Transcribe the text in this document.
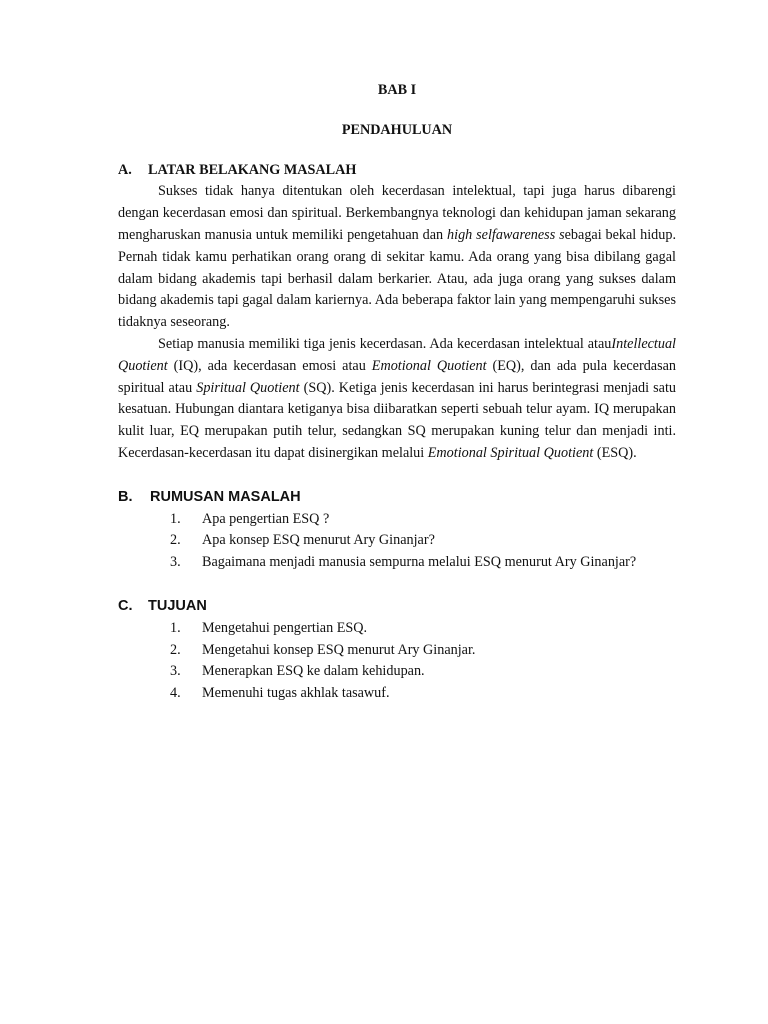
BAB I

PENDAHULUAN

A.	LATAR BELAKANG MASALAH

Sukses tidak hanya ditentukan oleh kecerdasan intelektual, tapi juga harus dibarengi dengan kecerdasan emosi dan spiritual. Berkembangnya teknologi dan kehidupan jaman sekarang mengharuskan manusia untuk memiliki pengetahuan dan high selfawareness sebagai bekal hidup. Pernah tidak kamu perhatikan orang orang di sekitar kamu. Ada orang yang bisa dibilang gagal dalam bidang akademis tapi berhasil dalam berkarier. Atau, ada juga orang yang sukses dalam bidang akademis tapi gagal dalam kariernya. Ada beberapa faktor lain yang mempengaruhi sukses tidaknya seseorang.

Setiap manusia memiliki tiga jenis kecerdasan. Ada kecerdasan intelektual atauIntellectual Quotient (IQ), ada kecerdasan emosi atau Emotional Quotient (EQ), dan ada pula kecerdasan spiritual atau Spiritual Quotient (SQ). Ketiga jenis kecerdasan ini harus berintegrasi menjadi satu kesatuan. Hubungan diantara ketiganya bisa diibaratkan seperti sebuah telur ayam. IQ merupakan kulit luar, EQ merupakan putih telur, sedangkan SQ merupakan kuning telur dan menjadi inti. Kecerdasan-kecerdasan itu dapat disinergikan melalui Emotional Spiritual Quotient (ESQ).

B.	RUMUSAN MASALAH
1.	Apa pengertian ESQ ?
2.	Apa konsep ESQ menurut Ary Ginanjar?
3.	Bagaimana menjadi manusia sempurna melalui ESQ menurut Ary Ginanjar?
C.	TUJUAN
1.	Mengetahui pengertian ESQ.
2.	Mengetahui konsep ESQ menurut Ary Ginanjar.
3.	Menerapkan ESQ ke dalam kehidupan.
4.	Memenuhi tugas akhlak tasawuf.
